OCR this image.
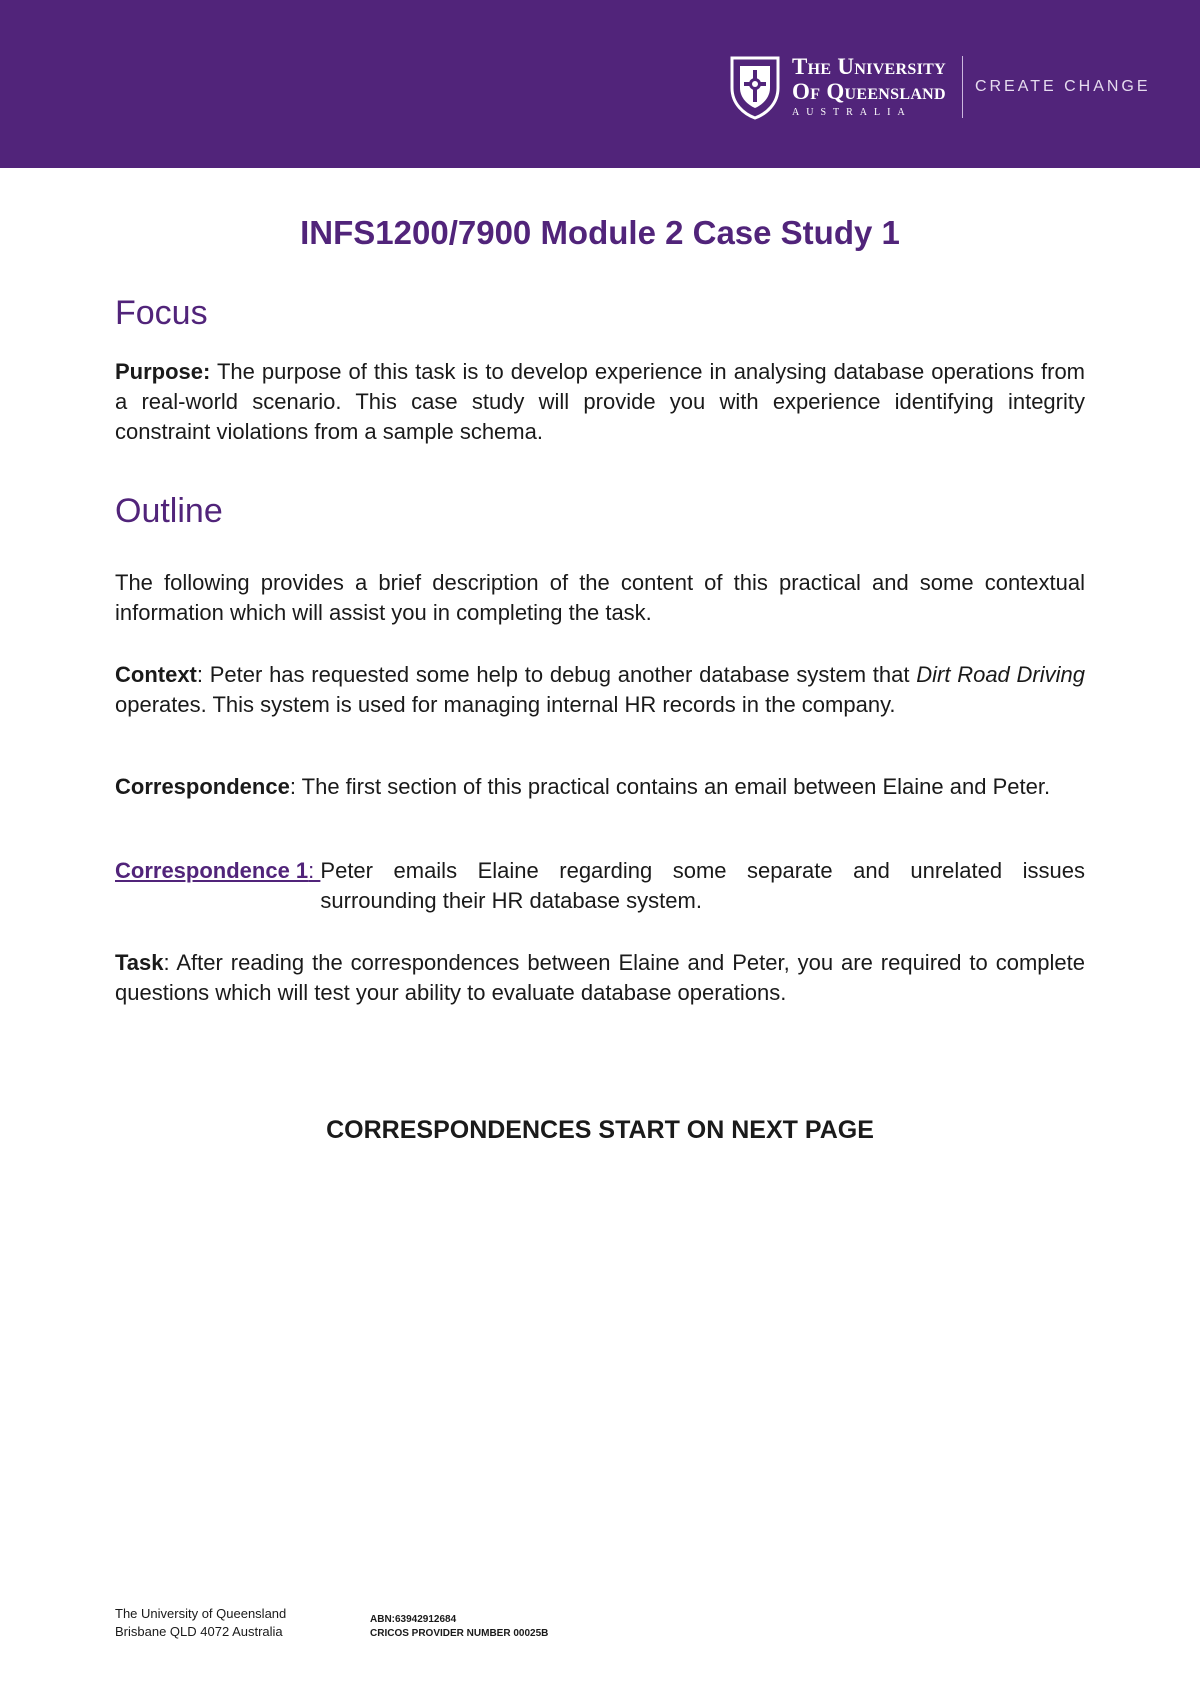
The University
Of Queensland
AUSTRALIA
CREATE CHANGE
INFS1200/7900 Module 2 Case Study 1
Focus

Purpose: The purpose of this task is to develop experience in analysing database operations from a real-world scenario. This case study will provide you with experience identifying integrity constraint violations from a sample schema.

Outline

The following provides a brief description of the content of this practical and some contextual information which will assist you in completing the task.

Context: Peter has requested some help to debug another database system that Dirt Road Driving operates. This system is used for managing internal HR records in the company.

Correspondence: The first section of this practical contains an email between Elaine and Peter.

Correspondence 1: Peter emails Elaine regarding some separate and unrelated issues surrounding their HR database system.

Task: After reading the correspondences between Elaine and Peter, you are required to complete questions which will test your ability to evaluate database operations.

CORRESPONDENCES START ON NEXT PAGE

The University of Queensland
Brisbane QLD 4072 Australia
ABN:63942912684
CRICOS PROVIDER NUMBER 00025B
